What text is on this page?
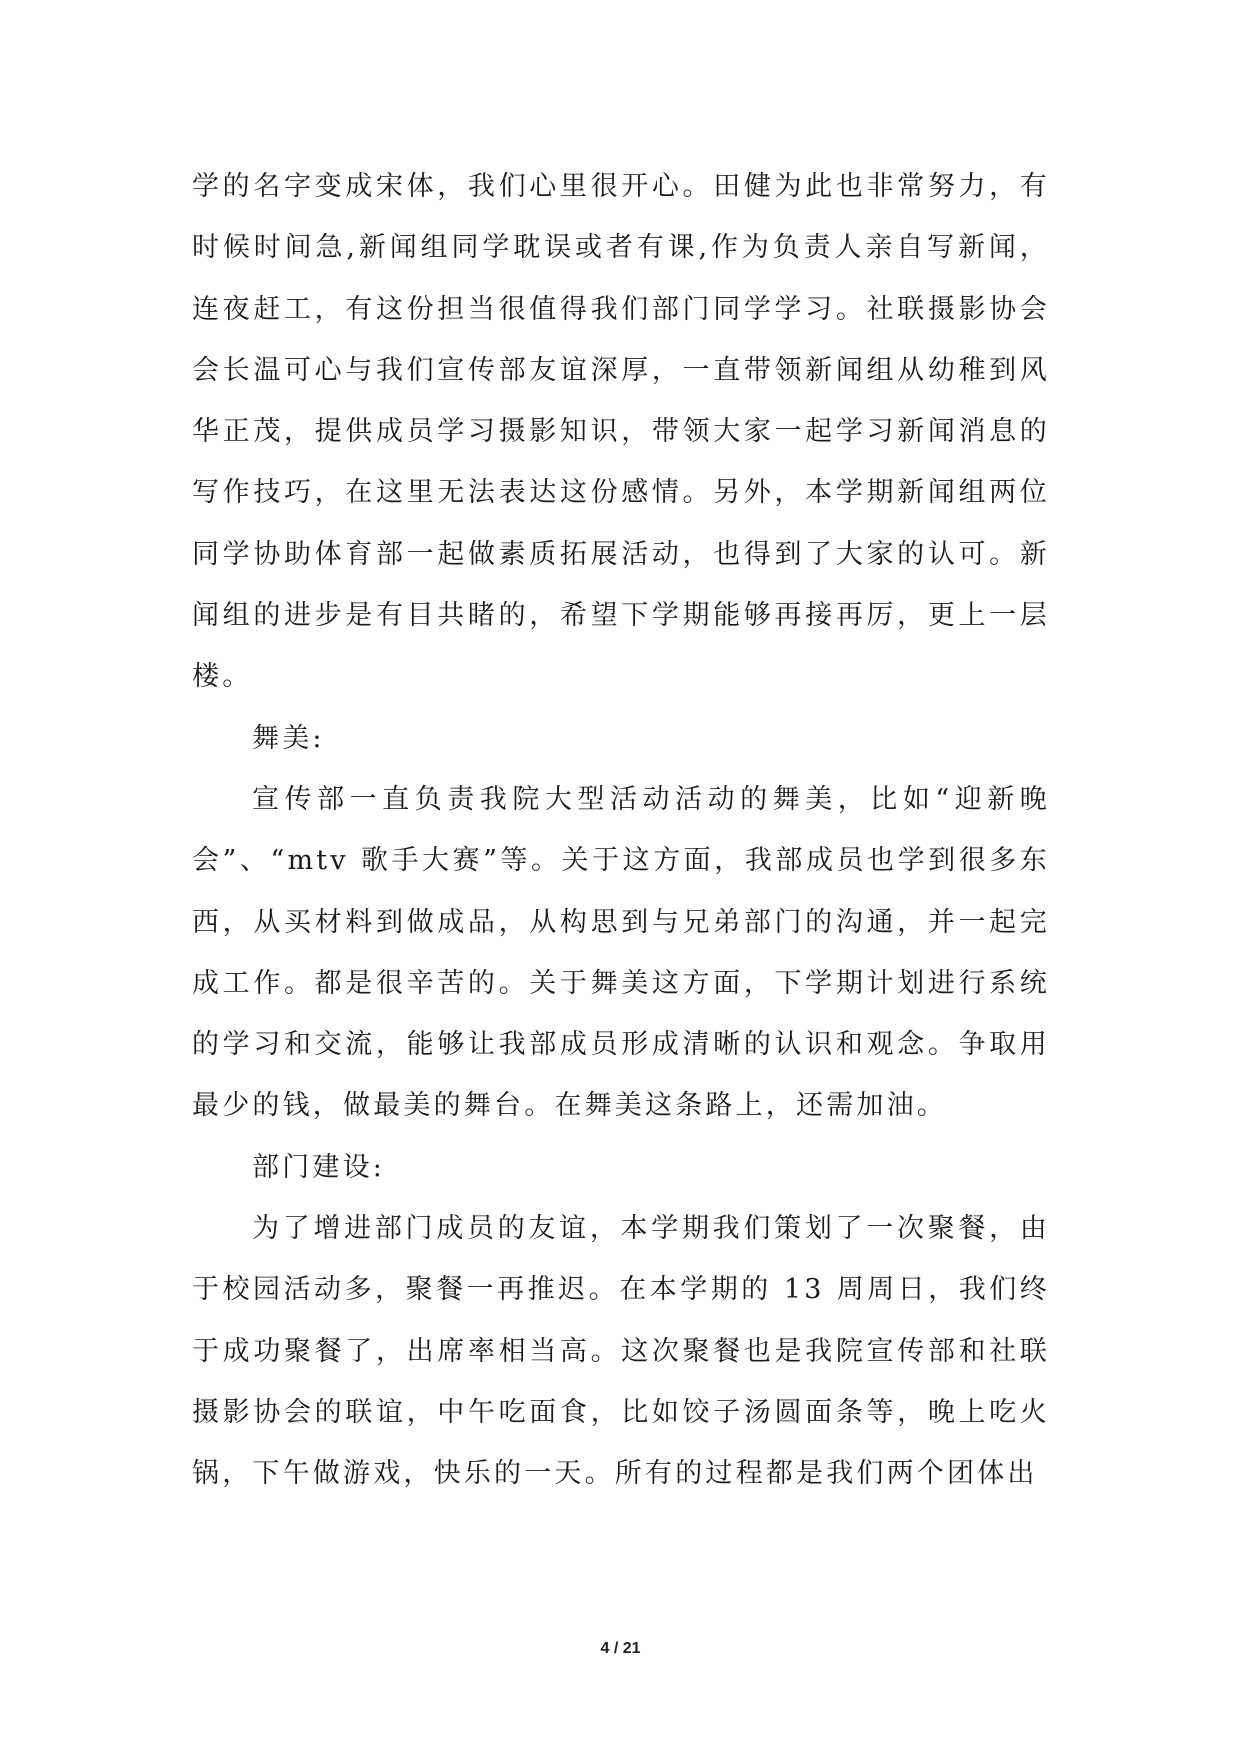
学的名字变成宋体，我们心里很开心。田健为此也非常努力，有时候时间急,新闻组同学耽误或者有课,作为负责人亲自写新闻，连夜赶工，有这份担当很值得我们部门同学学习。社联摄影协会会长温可心与我们宣传部友谊深厚，一直带领新闻组从幼稚到风华正茂，提供成员学习摄影知识，带领大家一起学习新闻消息的写作技巧，在这里无法表达这份感情。另外，本学期新闻组两位同学协助体育部一起做素质拓展活动，也得到了大家的认可。新闻组的进步是有目共睹的，希望下学期能够再接再厉，更上一层楼。

舞美:

宣传部一直负责我院大型活动活动的舞美，比如“迎新晚会”、“mtv 歌手大赛”等。关于这方面，我部成员也学到很多东西，从买材料到做成品，从构思到与兄弟部门的沟通，并一起完成工作。都是很辛苦的。关于舞美这方面，下学期计划进行系统的学习和交流，能够让我部成员形成清晰的认识和观念。争取用最少的钱，做最美的舞台。在舞美这条路上，还需加油。

部门建设:

为了增进部门成员的友谊，本学期我们策划了一次聚餐，由于校园活动多，聚餐一再推迟。在本学期的 13 周周日，我们终于成功聚餐了，出席率相当高。这次聚餐也是我院宣传部和社联摄影协会的联谊，中午吃面食，比如饺子汤圆面条等，晚上吃火锅，下午做游戏，快乐的一天。所有的过程都是我们两个团体出

4 / 21
